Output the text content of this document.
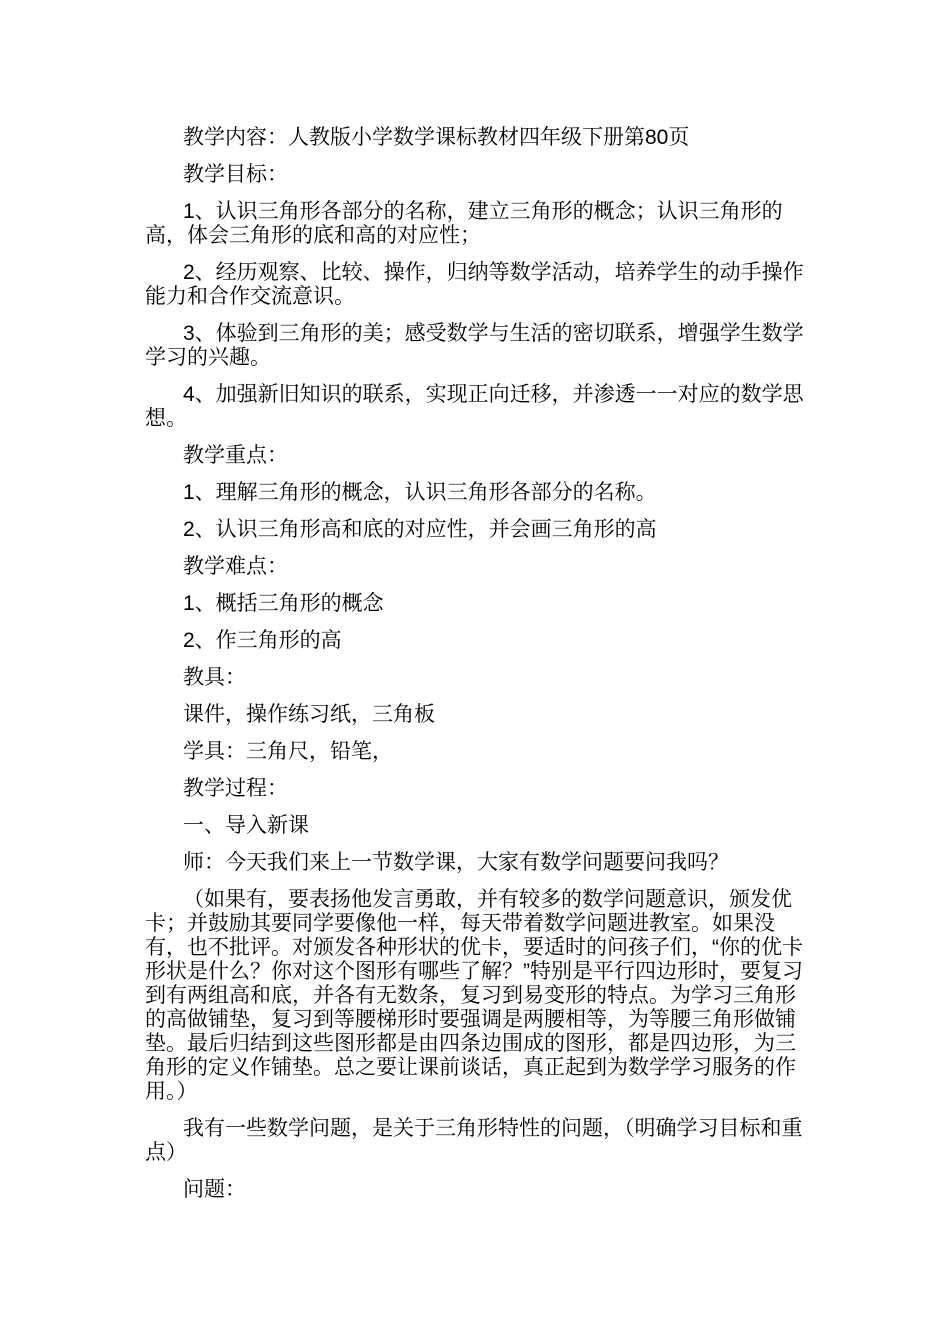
教学内容：人教版小学数学课标教材四年级下册第80页

教学目标：

1、认识三角形各部分的名称，建立三角形的概念；认识三角形的高，体会三角形的底和高的对应性；

2、经历观察、比较、操作，归纳等数学活动，培养学生的动手操作能力和合作交流意识。

3、体验到三角形的美；感受数学与生活的密切联系，增强学生数学学习的兴趣。

4、加强新旧知识的联系，实现正向迁移，并渗透一一对应的数学思想。

教学重点：

1、理解三角形的概念，认识三角形各部分的名称。

2、认识三角形高和底的对应性，并会画三角形的高

教学难点：

1、概括三角形的概念

2、作三角形的高

教具：

课件，操作练习纸，三角板

学具：三角尺，铅笔，

教学过程：

一、导入新课

师：今天我们来上一节数学课，大家有数学问题要问我吗？

（如果有，要表扬他发言勇敢，并有较多的数学问题意识，颁发优卡；并鼓励其要同学要像他一样，每天带着数学问题进教室。如果没有，也不批评。对颁发各种形状的优卡，要适时的问孩子们，“你的优卡形状是什么？你对这个图形有哪些了解？”特别是平行四边形时，要复习到有两组高和底，并各有无数条，复习到易变形的特点。为学习三角形的高做铺垫，复习到等腰梯形时要强调是两腰相等，为等腰三角形做铺垫。最后归结到这些图形都是由四条边围成的图形，都是四边形，为三角形的定义作铺垫。总之要让课前谈话，真正起到为数学学习服务的作用。）

我有一些数学问题，是关于三角形特性的问题，（明确学习目标和重点）

问题：
